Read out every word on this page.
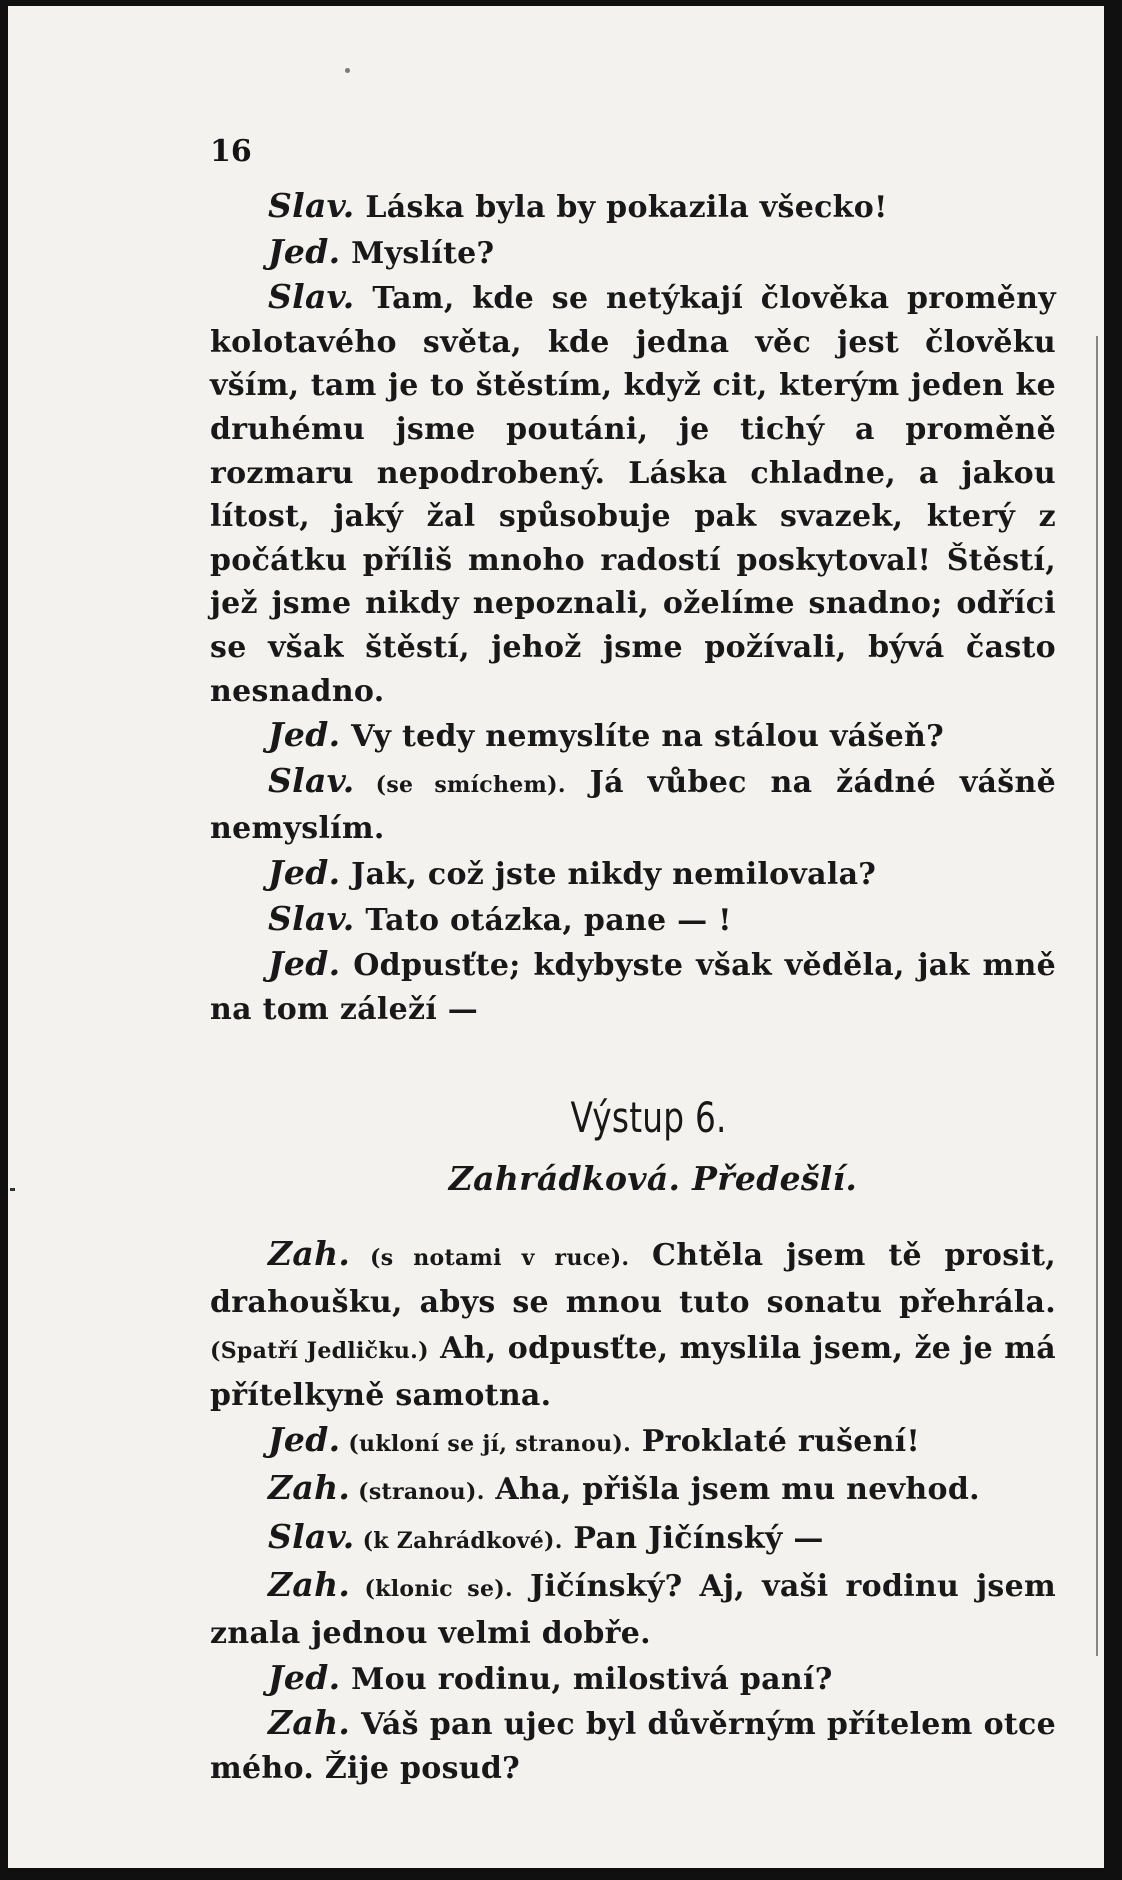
16

Slav. Láska byla by pokazila všecko!

Jed. Myslíte?

Slav. Tam, kde se netýkají člověka proměny kolotavého světa, kde jedna věc jest člověku vším, tam je to štěstím, když cit, kterým jeden ke druhému jsme poutáni, je tichý a proměně rozmaru nepodrobený. Láska chladne, a jakou lítost, jaký žal spůsobuje pak svazek, který z počátku příliš mnoho radostí poskytoval! Štěstí, jež jsme nikdy nepoznali, oželíme snadno; odříci se však štěstí, jehož jsme požívali, bývá často nesnadno.

Jed. Vy tedy nemyslíte na stálou vášeň?

Slav. (se smíchem). Já vůbec na žádné vášně nemyslím.

Jed. Jak, což jste nikdy nemilovala?

Slav. Tato otázka, pane — !

Jed. Odpusťte; kdybyste však věděla, jak mně na tom záleží —

Výstup 6.
Zahrádková. Předešlí.

Zah. (s notami v ruce). Chtěla jsem tě prosit, drahoušku, abys se mnou tuto sonatu přehrála. (Spatří Jedličku.) Ah, odpusťte, myslila jsem, že je má přítelkyně samotna.

Jed. (ukloní se jí, stranou). Proklaté rušení!

Zah. (stranou). Aha, přišla jsem mu nevhod.

Slav. (k Zahrádkové). Pan Jičínský —

Zah. (klonic se). Jičínský? Aj, vaši rodinu jsem znala jednou velmi dobře.

Jed. Mou rodinu, milostivá paní?

Zah. Váš pan ujec byl důvěrným přítelem otce mého. Žije posud?
